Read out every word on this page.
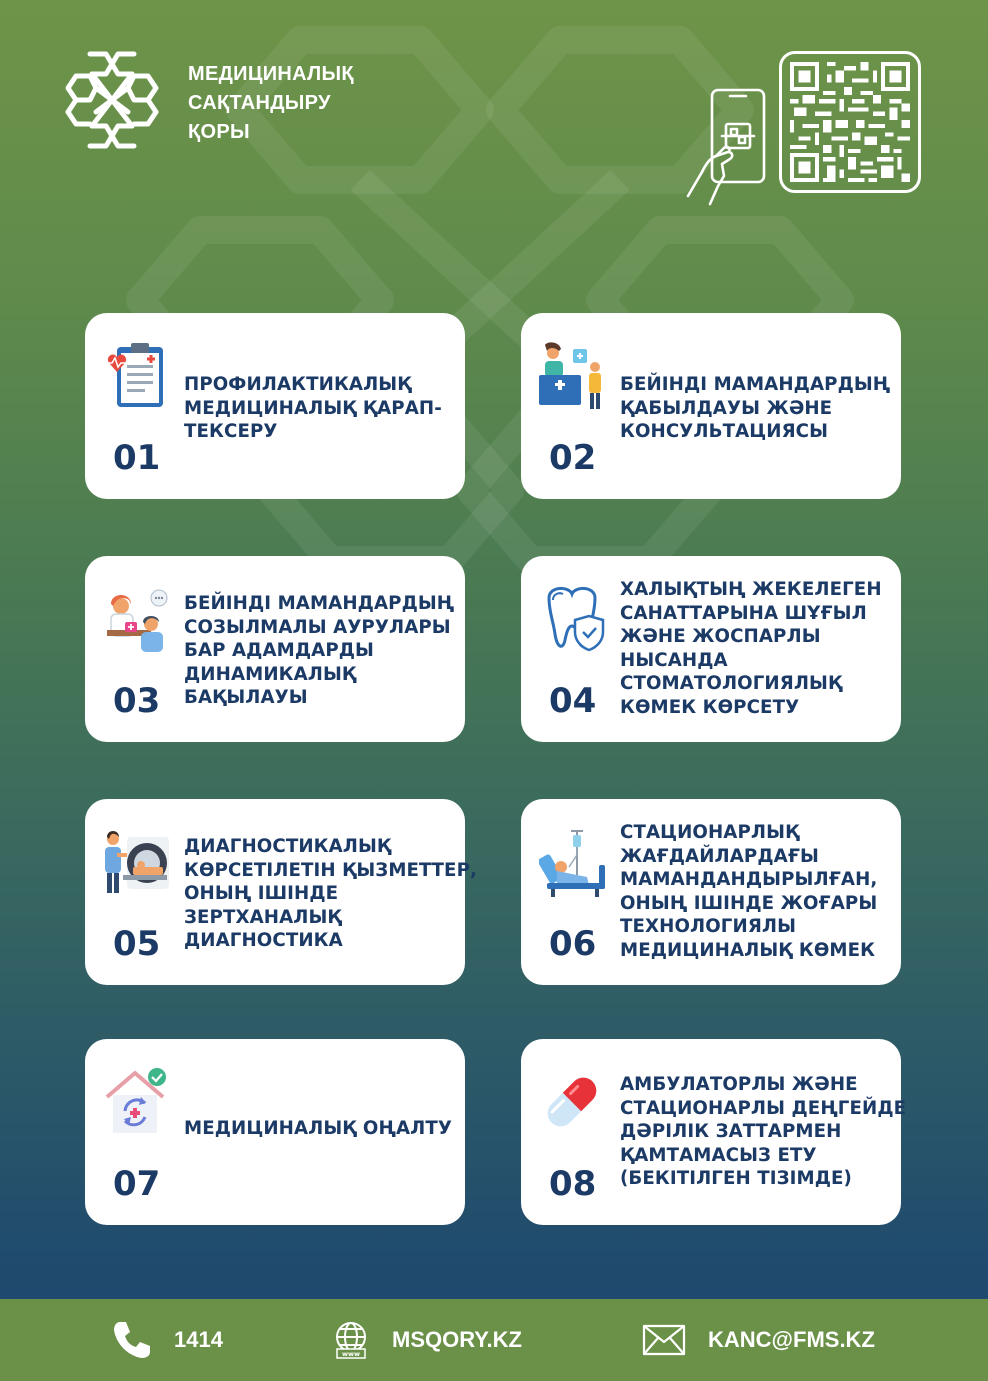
МЕДИЦИНАЛЫҚ
САҚТАНДЫРУ
ҚОРЫ
ПРОФИЛАКТИКАЛЫҚ
МЕДИЦИНАЛЫҚ ҚАРАП-
ТЕКСЕРУ
01
БЕЙІНДІ МАМАНДАРДЫҢ
ҚАБЫЛДАУЫ ЖӘНЕ
КОНСУЛЬТАЦИЯСЫ
02
БЕЙІНДІ МАМАНДАРДЫҢ
СОЗЫЛМАЛЫ АУРУЛАРЫ
БАР АДАМДАРДЫ
ДИНАМИКАЛЫҚ
БАҚЫЛАУЫ
03
ХАЛЫҚТЫҢ ЖЕКЕЛЕГЕН
САНАТТАРЫНА ШҰҒЫЛ
ЖӘНЕ ЖОСПАРЛЫ
НЫСАНДА
СТОМАТОЛОГИЯЛЫҚ
КӨМЕК КӨРСЕТУ
04
ДИАГНОСТИКАЛЫҚ
КӨРСЕТІЛЕТІН ҚЫЗМЕТТЕР,
ОНЫҢ ІШІНДЕ
ЗЕРТХАНАЛЫҚ
ДИАГНОСТИКА
05
СТАЦИОНАРЛЫҚ
ЖАҒДАЙЛАРДАҒЫ
МАМАНДАНДЫРЫЛҒАН,
ОНЫҢ ІШІНДЕ ЖОҒАРЫ
ТЕХНОЛОГИЯЛЫ
МЕДИЦИНАЛЫҚ КӨМЕК
06
МЕДИЦИНАЛЫҚ ОҢАЛТУ
07
АМБУЛАТОРЛЫ ЖӘНЕ
СТАЦИОНАРЛЫ ДЕҢГЕЙДЕ
ДӘРІЛІК ЗАТТАРМЕН
ҚАМТАМАСЫЗ ЕТУ
(БЕКІТІЛГЕН ТІЗІМДЕ)
08
1414
www
MSQORY.KZ	KANC@FMS.KZ
